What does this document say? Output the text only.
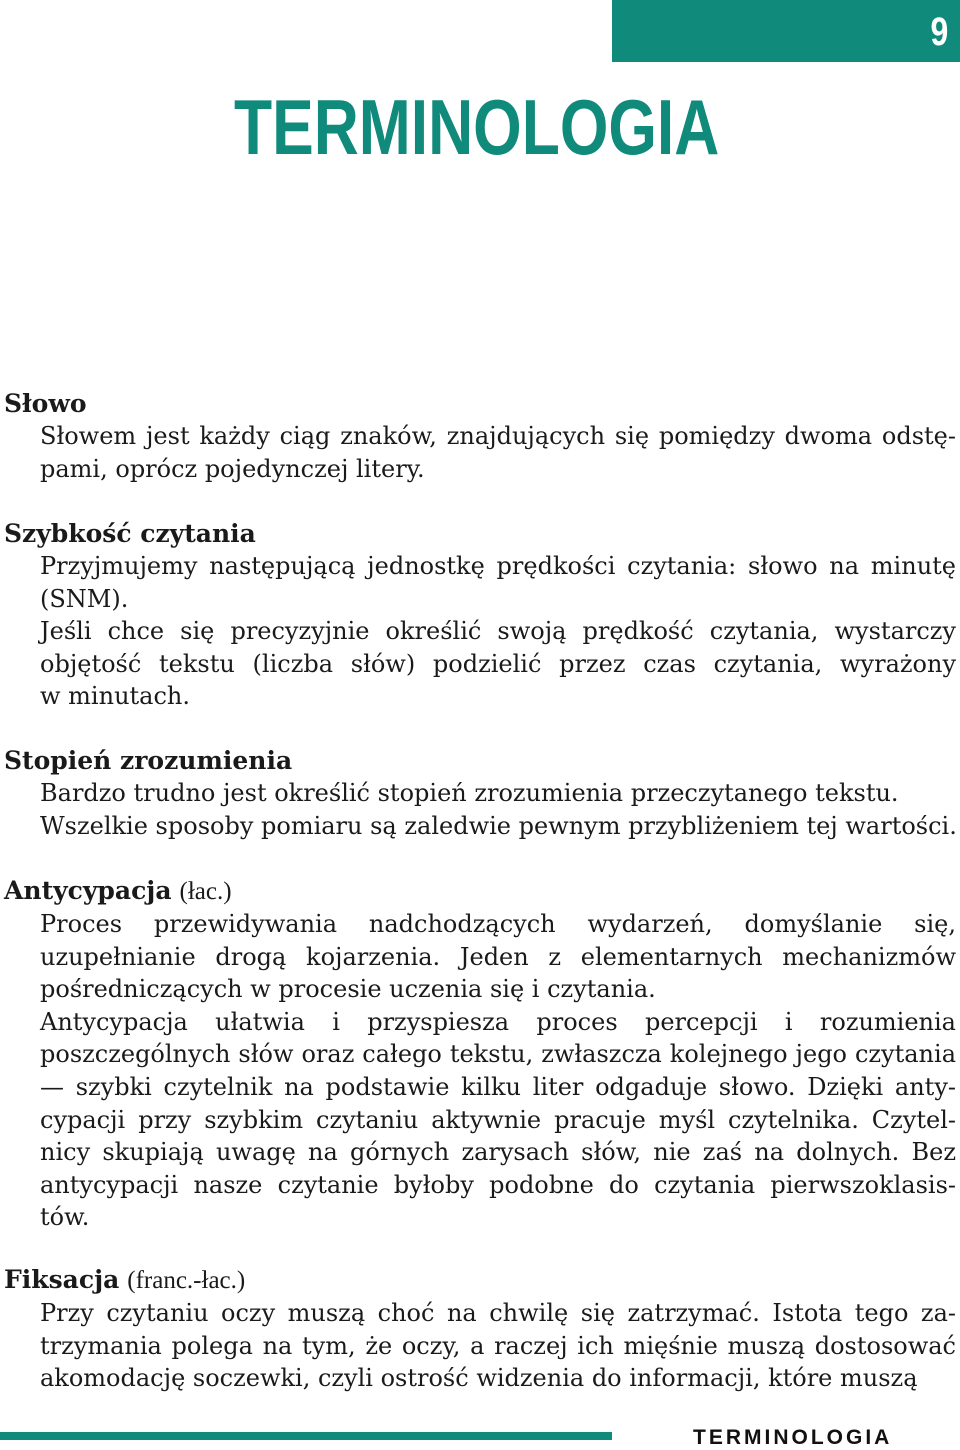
9
TERMINOLOGIA

Słowo

Słowem jest każdy ciąg znaków, znajdujących się pomiędzy dwoma odstę-
pami, oprócz pojedynczej litery.

Szybkość czytania

Przyjmujemy następującą jednostkę prędkości czytania: słowo na minutę
(SNM).
Jeśli chce się precyzyjnie określić swoją prędkość czytania, wystarczy
objętość tekstu (liczba słów) podzielić przez czas czytania, wyrażony
w minutach.

Stopień zrozumienia

Bardzo trudno jest określić stopień zrozumienia przeczytanego tekstu.
Wszelkie sposoby pomiaru są zaledwie pewnym przybliżeniem tej wartości.

Antycypacja (łac.)

Proces przewidywania nadchodzących wydarzeń, domyślanie się,
uzupełnianie drogą kojarzenia. Jeden z elementarnych mechanizmów
pośredniczących w procesie uczenia się i czytania.
Antycypacja ułatwia i przyspiesza proces percepcji i rozumienia
poszczególnych słów oraz całego tekstu, zwłaszcza kolejnego jego czytania
— szybki czytelnik na podstawie kilku liter odgaduje słowo. Dzięki anty-
cypacji przy szybkim czytaniu aktywnie pracuje myśl czytelnika. Czytel-
nicy skupiają uwagę na górnych zarysach słów, nie zaś na dolnych. Bez
antycypacji nasze czytanie byłoby podobne do czytania pierwszoklasis-
tów.

Fiksacja (franc.-łac.)

Przy czytaniu oczy muszą choć na chwilę się zatrzymać. Istota tego za-
trzymania polega na tym, że oczy, a raczej ich mięśnie muszą dostosować
akomodację soczewki, czyli ostrość widzenia do informacji, które muszą

TERMINOLOGIA
